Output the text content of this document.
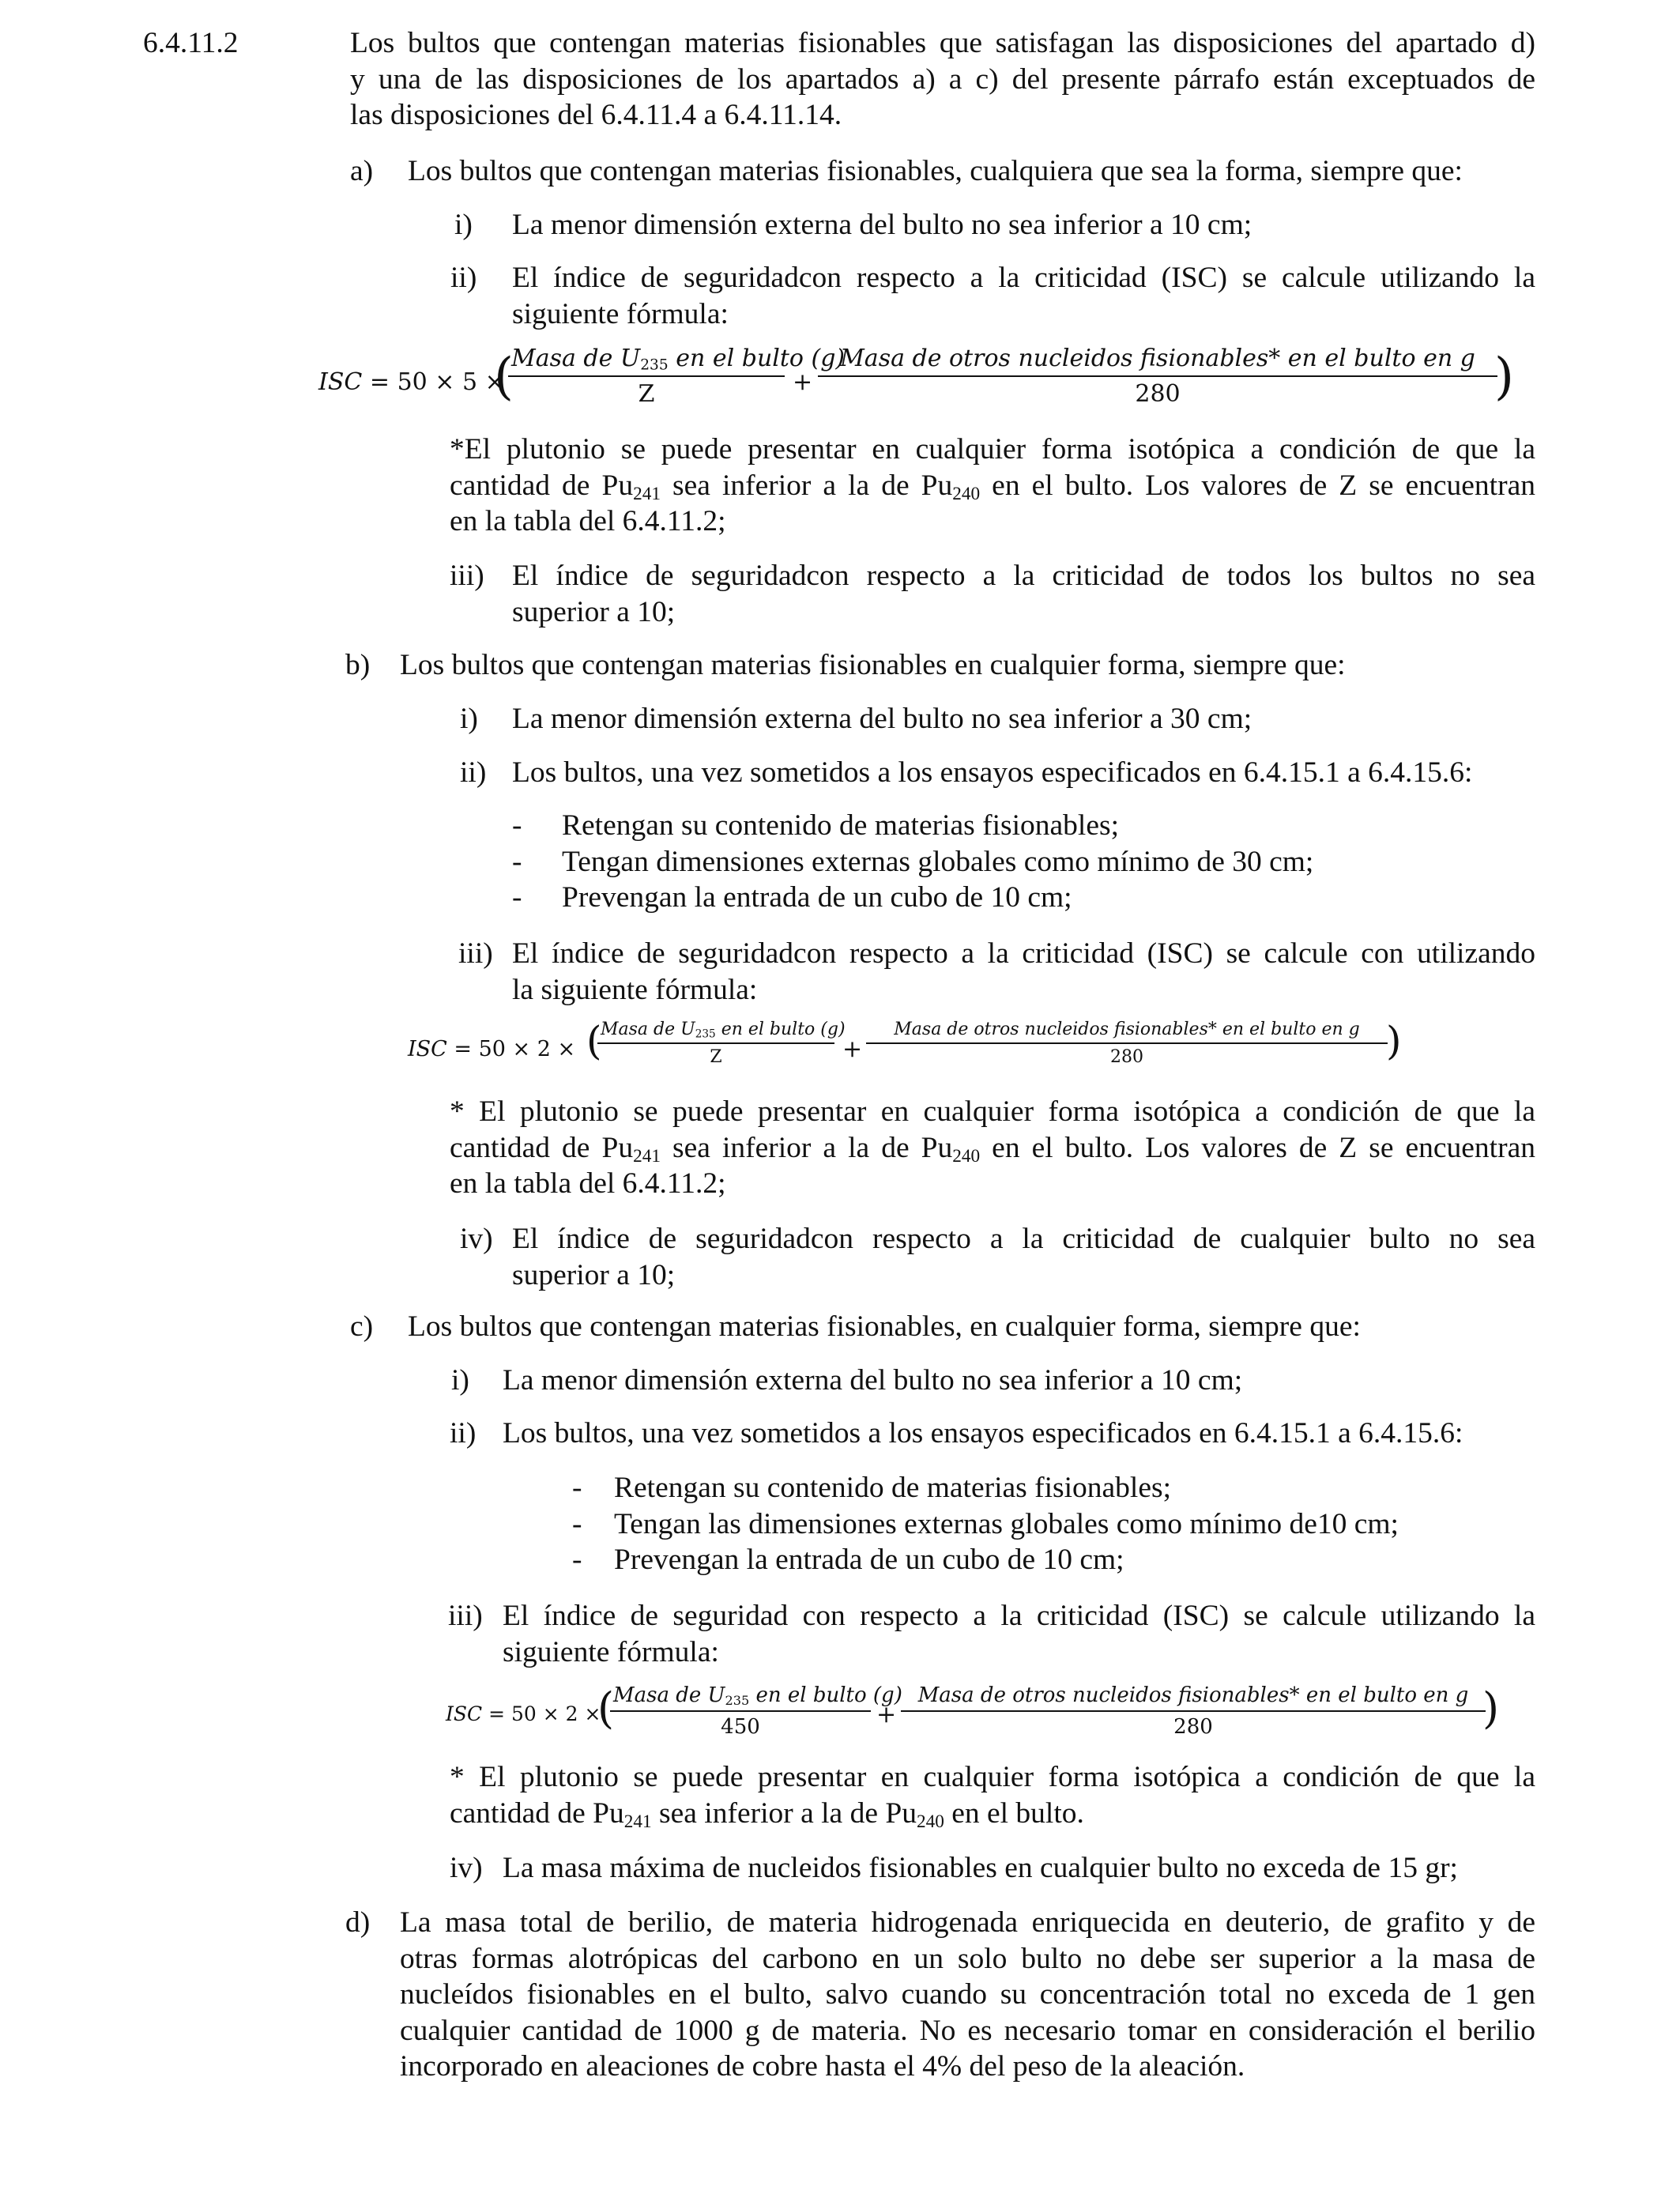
6.4.11.2	Los bultos que contengan materias fisionables que satisfagan las disposiciones del apartado d)
y una de las disposiciones de los apartados a) a c) del presente párrafo están exceptuados de
las disposiciones del 6.4.11.4 a 6.4.11.14.
a) Los bultos que contengan materias fisionables, cualquiera que sea la forma, siempre que:
i) La menor dimensión externa del bulto no sea inferior a 10 cm;
ii) El índice de seguridadcon respecto a la criticidad (ISC) se calcule utilizando la
siguiente fórmula:
ISC = 50 × 5 ×
(
Masa de $U_{235}$ en el bulto (g)
Z	+
Masa de otros nucleidos fisionables* en el bulto en g
280	)
*El plutonio se puede presentar en cualquier forma isotópica a condición de que la
cantidad de $Pu_{241}$ sea inferior a la de $Pu_{240}$ en el bulto. Los valores de Z se encuentran
en la tabla del 6.4.11.2;
iii) El índice de seguridadcon respecto a la criticidad de todos los bultos no sea
superior a 10;
b) Los bultos que contengan materias fisionables en cualquier forma, siempre que:
i) La menor dimensión externa del bulto no sea inferior a 30 cm;
ii) Los bultos, una vez sometidos a los ensayos especificados en 6.4.15.1 a 6.4.15.6:
- Retengan su contenido de materias fisionables;
- Tengan dimensiones externas globales como mínimo de 30 cm;
- Prevengan la entrada de un cubo de 10 cm;
iii) El índice de seguridadcon respecto a la criticidad (ISC) se calcule con utilizando
la siguiente fórmula:
ISC = 50 × 2 × (
Masa de $U_{235}$ en el bulto (g)
Z	+
Masa de otros nucleidos fisionables* en el bulto en g
280	)
* El plutonio se puede presentar en cualquier forma isotópica a condición de que la
cantidad de $Pu_{241}$ sea inferior a la de $Pu_{240}$ en el bulto. Los valores de Z se encuentran
en la tabla del 6.4.11.2;
iv) El índice de seguridadcon respecto a la criticidad de cualquier bulto no sea
superior a 10;
c) Los bultos que contengan materias fisionables, en cualquier forma, siempre que:
i) La menor dimensión externa del bulto no sea inferior a 10 cm;
ii) Los bultos, una vez sometidos a los ensayos especificados en 6.4.15.1 a 6.4.15.6:
- Retengan su contenido de materias fisionables;
- Tengan las dimensiones externas globales como mínimo de10 cm;
- Prevengan la entrada de un cubo de 10 cm;
iii) El índice de seguridad con respecto a la criticidad (ISC) se calcule utilizando la
siguiente fórmula:
ISC = 50 × 2 ×
(
Masa de $U_{235}$ en el bulto (g)
450	+
Masa de otros nucleidos fisionables* en el bulto en g
280	)
* El plutonio se puede presentar en cualquier forma isotópica a condición de que la
cantidad de $Pu_{241}$ sea inferior a la de $Pu_{240}$ en el bulto.
iv) La masa máxima de nucleidos fisionables en cualquier bulto no exceda de 15 gr;
d) La masa total de berilio, de materia hidrogenada enriquecida en deuterio, de grafito y de
otras formas alotrópicas del carbono en un solo bulto no debe ser superior a la masa de
nucleídos fisionables en el bulto, salvo cuando su concentración total no exceda de 1 gen
cualquier cantidad de 1000 g de materia. No es necesario tomar en consideración el berilio
incorporado en aleaciones de cobre hasta el 4% del peso de la aleación.
